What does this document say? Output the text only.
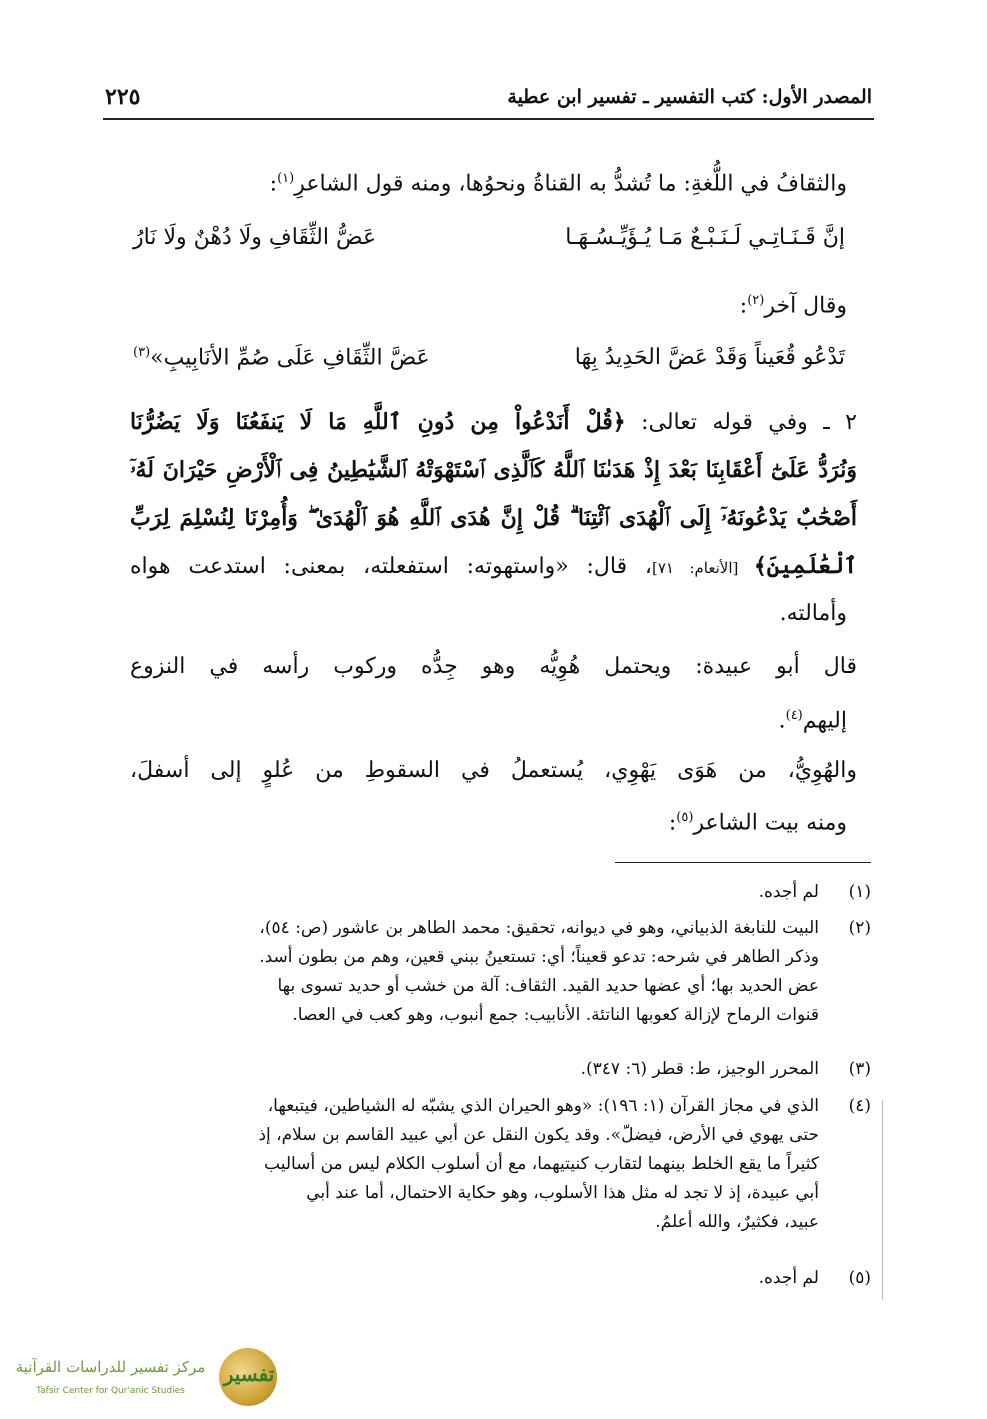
المصدر الأول: كتب التفسير ـ تفسير ابن عطية
٢٢٥
والثقافُ في اللُّغةِ: ما تُشدُّ به القناةُ ونحوُها، ومنه قول الشاعرِ$^{(١)}$:
إنَّ قَـنَـاتِـي لَـنَـبْـعٌ مَـا يُـؤَيِّـسُـهَـا
عَضُّ الثِّقَافِ ولَا دُهْنٌ ولَا نَارُ
وقال آخر$^{(٢)}$:
تَدْعُو قُعَيناً وَقَدْ عَضَّ الحَدِيدُ بِهَا
عَضَّ الثِّقَافِ عَلَى صُمِّ الأنَابِيبِ»$^{(٣)}$
٢ ـ وفي قوله تعالى: ﴿قُلْ أَنَدْعُواْ مِن دُونِ ٱللَّهِ مَا لَا يَنفَعُنَا وَلَا يَضُرُّنَا
وَنُرَدُّ عَلَىٰٓ أَعْقَابِنَا بَعْدَ إِذْ هَدَىٰنَا ٱللَّهُ كَٱلَّذِى ٱسْتَهْوَتْهُ ٱلشَّيَٰطِينُ فِى ٱلْأَرْضِ حَيْرَانَ لَهُۥٓ
أَصْحَٰبٌ يَدْعُونَهُۥٓ إِلَى ٱلْهُدَى ٱئْتِنَا ۗ قُلْ إِنَّ هُدَى ٱللَّهِ هُوَ ٱلْهُدَىٰ ۖ وَأُمِرْنَا لِنُسْلِمَ لِرَبِّ
ٱلْعَٰلَمِينَ﴾ [الأنعام: ٧١]، قال: «واستهوته: استفعلته، بمعنى: استدعت هواه
وأمالته.
قال أبو عبيدة: ويحتمل هُوِيُّه وهو جِدُّه وركوب رأسه في النزوع
إليهم$^{(٤)}$.
والهُوِيُّ، من هَوَى يَهْوِي، يُستعملُ في السقوطِ من عُلوٍ إلى أسفلَ،
ومنه بيت الشاعر$^{(٥)}$:
(١)
لم أجده.
(٢)
البيت للنابغة الذبياني، وهو في ديوانه، تحقيق: محمد الطاهر بن عاشور (ص: ٥٤)،
وذكر الطاهر في شرحه: تدعو قعيناً؛ أي: تستعينُ ببني قعين، وهم من بطون أسد.
عض الحديد بها؛ أي عضها حديد القيد. الثقاف: آلة من خشب أو حديد تسوى بها
قنوات الرماح لإزالة كعوبها الناتئة. الأنابيب: جمع أنبوب، وهو كعب في العصا.
(٣)
المحرر الوجيز، ط: قطر (٦: ٣٤٧).
(٤)
الذي في مجاز القرآن (١: ١٩٦): «وهو الحيران الذي يشبّه له الشياطين، فيتبعها،
حتى يهوي في الأرض، فيضلّ». وقد يكون النقل عن أبي عبيد القاسم بن سلام، إذ
كثيراً ما يقع الخلط بينهما لتقارب كنيتيهما، مع أن أسلوب الكلام ليس من أساليب
أبي عبيدة، إذ لا تجد له مثل هذا الأسلوب، وهو حكاية الاحتمال، أما عند أبي
عبيد، فكثيرٌ، والله أعلمُ.
(٥)
لم أجده.
تفسير
مركز تفسير للدراسات القرآنية
Tafsir Center for Qur'anic Studies
